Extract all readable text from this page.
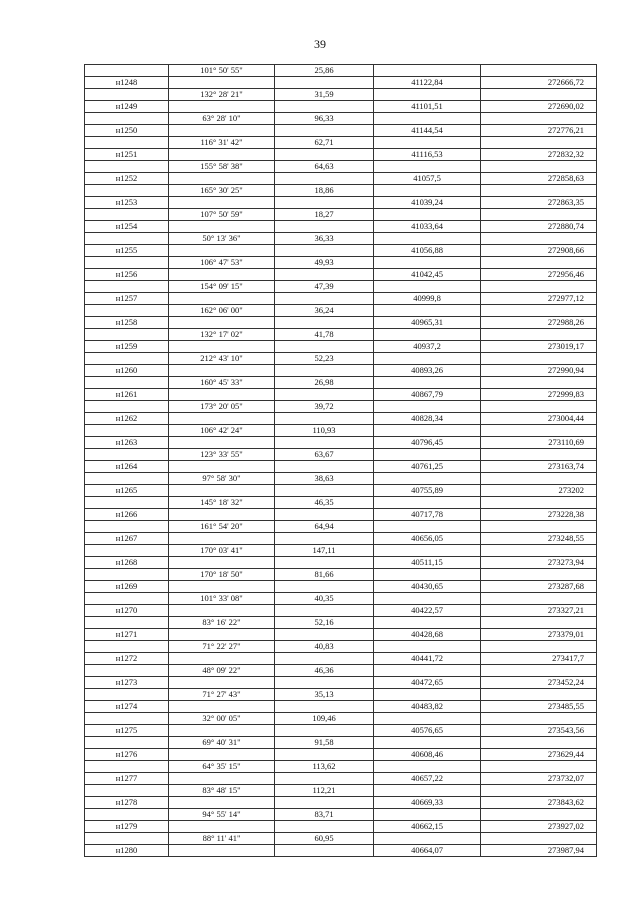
39
	101° 50' 55"	25,86		
н1248			41122,84	272666,72
	132° 28' 21"	31,59		
н1249			41101,51	272690,02
	63° 28' 10"	96,33		
н1250			41144,54	272776,21
	116° 31' 42"	62,71		
н1251			41116,53	272832,32
	155° 58' 38"	64,63		
н1252			41057,5	272858,63
	165° 30' 25"	18,86		
н1253			41039,24	272863,35
	107° 50' 59"	18,27		
н1254			41033,64	272880,74
	50° 13' 36"	36,33		
н1255			41056,88	272908,66
	106° 47' 53"	49,93		
н1256			41042,45	272956,46
	154° 09' 15"	47,39		
н1257			40999,8	272977,12
	162° 06' 00"	36,24		
н1258			40965,31	272988,26
	132° 17' 02"	41,78		
н1259			40937,2	273019,17
	212° 43' 10"	52,23		
н1260			40893,26	272990,94
	160° 45' 33"	26,98		
н1261			40867,79	272999,83
	173° 20' 05"	39,72		
н1262			40828,34	273004,44
	106° 42' 24"	110,93		
н1263			40796,45	273110,69
	123° 33' 55"	63,67		
н1264			40761,25	273163,74
	97° 58' 30"	38,63		
н1265			40755,89	273202
	145° 18' 32"	46,35		
н1266			40717,78	273228,38
	161° 54' 20"	64,94		
н1267			40656,05	273248,55
	170° 03' 41"	147,11		
н1268			40511,15	273273,94
	170° 18' 50"	81,66		
н1269			40430,65	273287,68
	101° 33' 08"	40,35		
н1270			40422,57	273327,21
	83° 16' 22"	52,16		
н1271			40428,68	273379,01
	71° 22' 27"	40,83		
н1272			40441,72	273417,7
	48° 09' 22"	46,36		
н1273			40472,65	273452,24
	71° 27' 43"	35,13		
н1274			40483,82	273485,55
	32° 00' 05"	109,46		
н1275			40576,65	273543,56
	69° 40' 31"	91,58		
н1276			40608,46	273629,44
	64° 35' 15"	113,62		
н1277			40657,22	273732,07
	83° 48' 15"	112,21		
н1278			40669,33	273843,62
	94° 55' 14"	83,71		
н1279			40662,15	273927,02
	88° 11' 41"	60,95		
н1280			40664,07	273987,94
